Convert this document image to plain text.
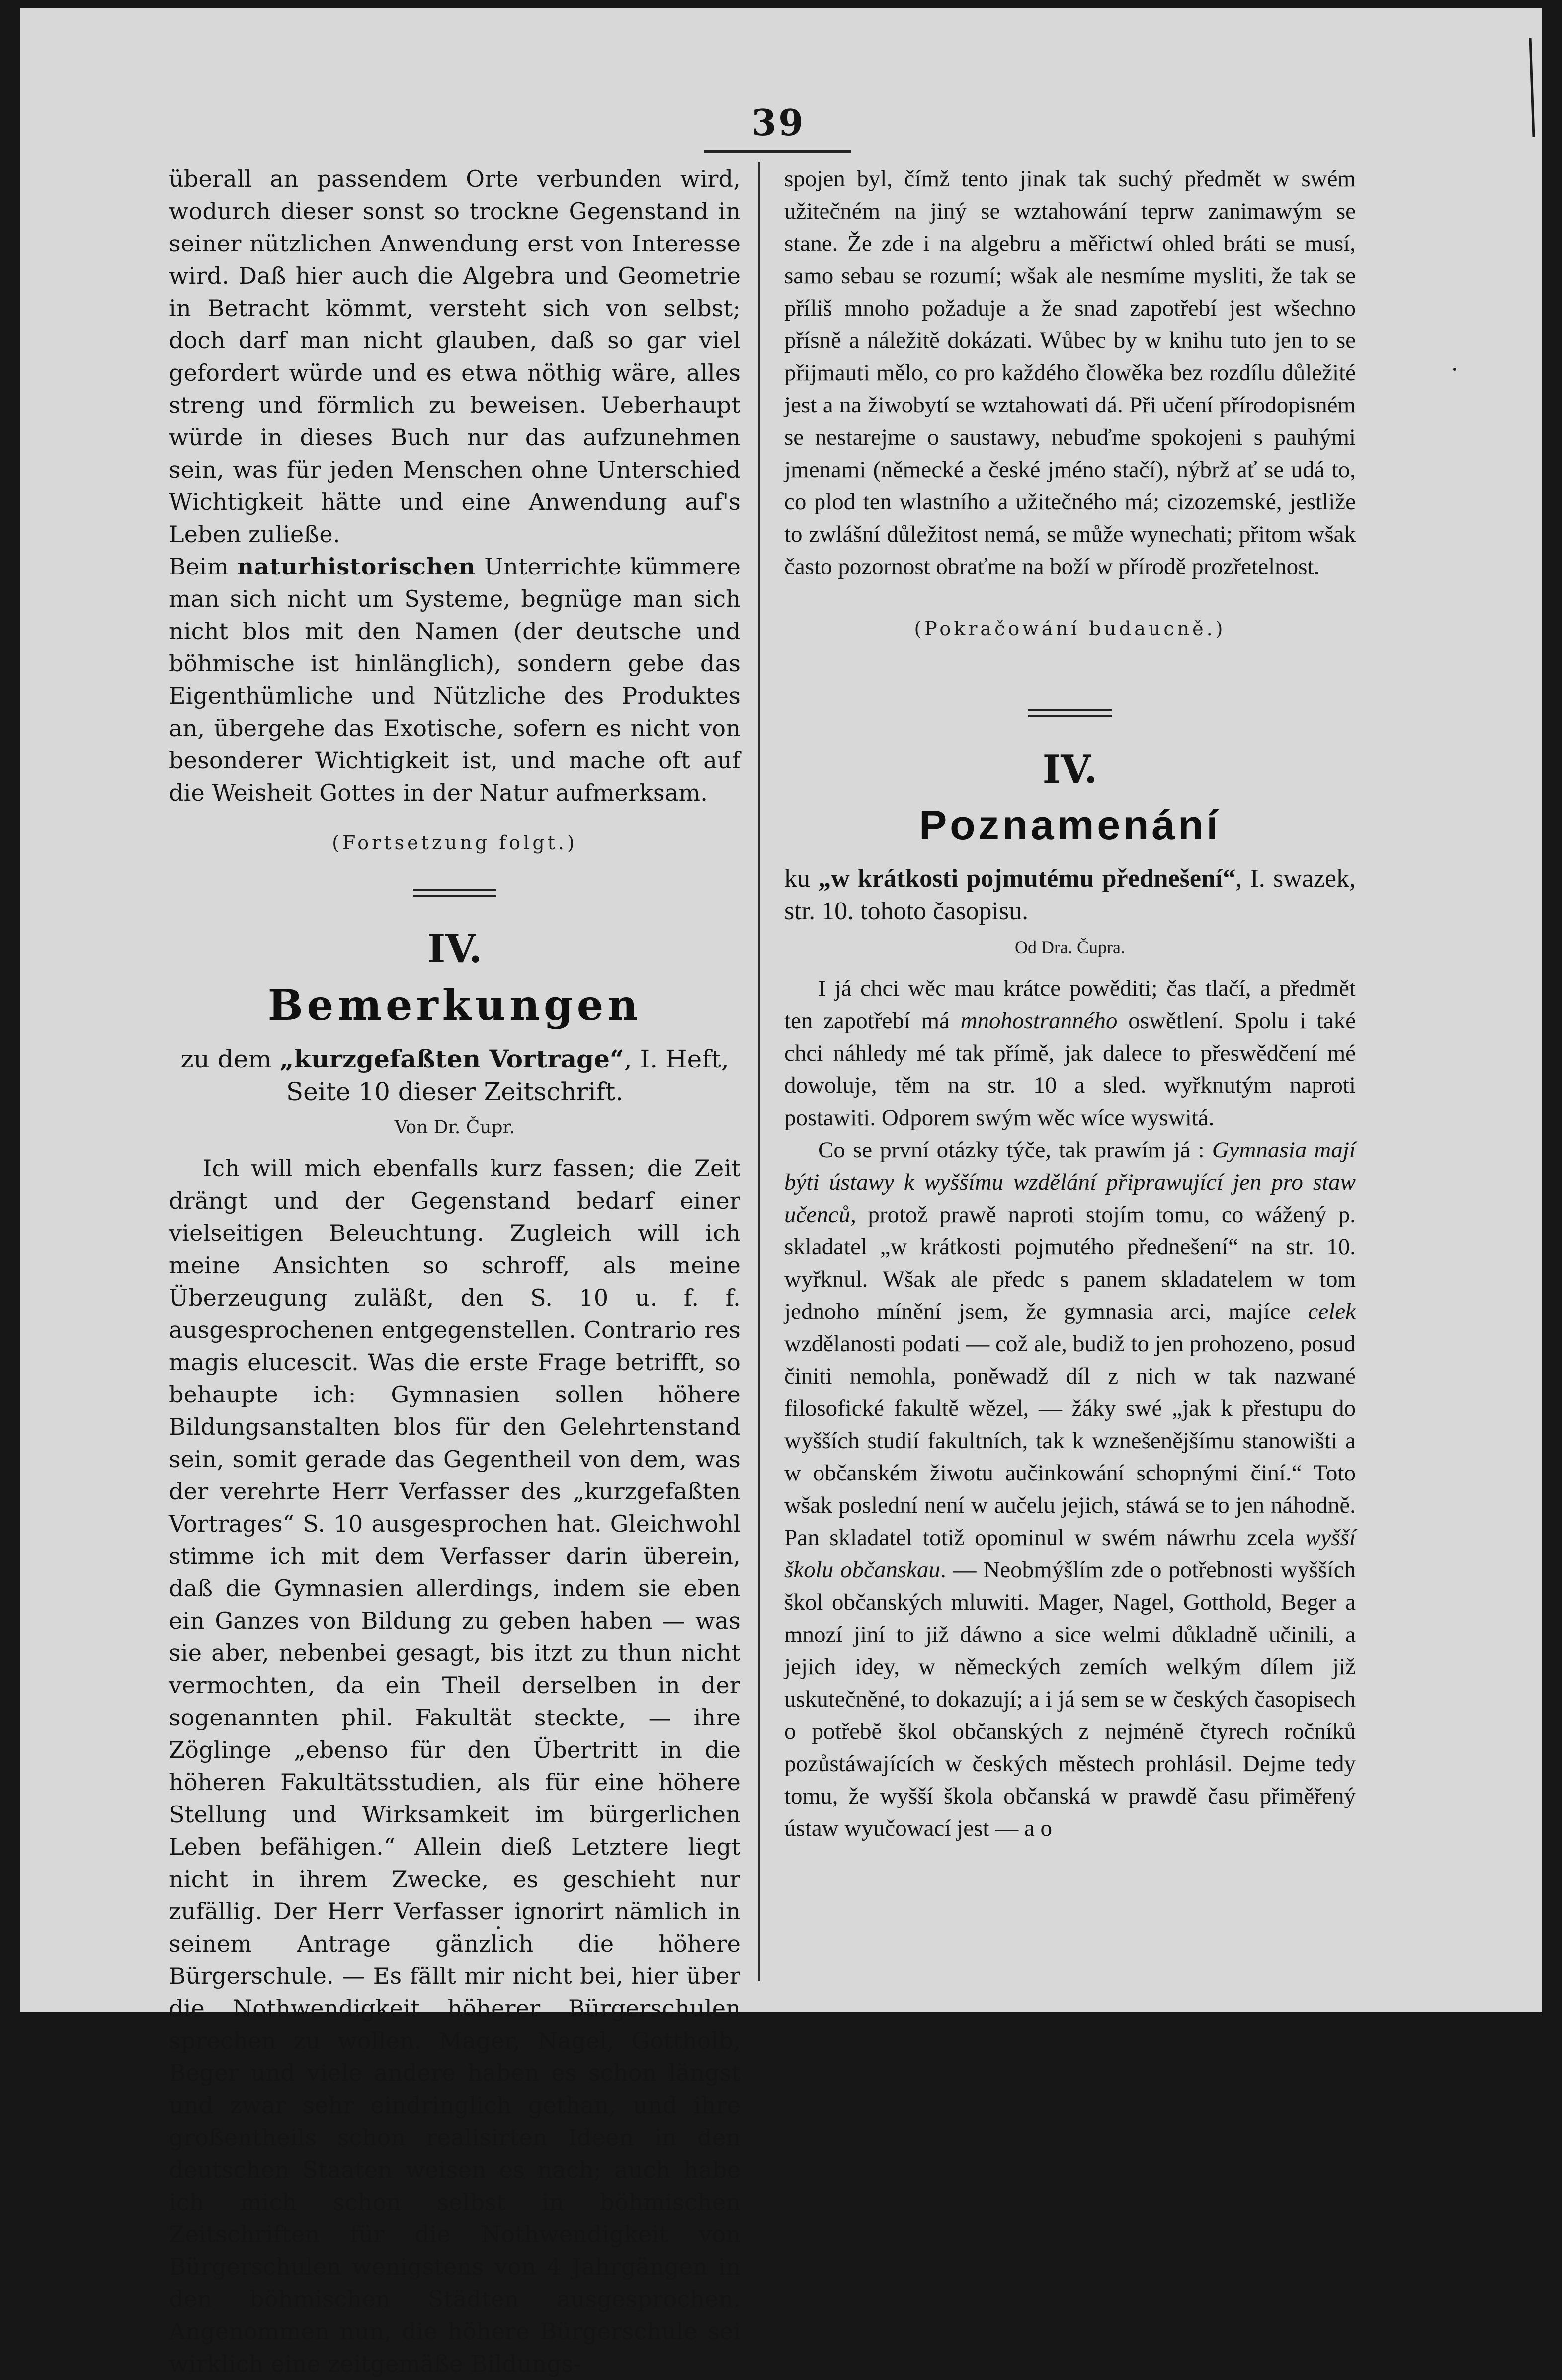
39

überall an passendem Orte verbunden wird, wodurch dieser sonst so trockne Gegenstand in seiner nützlichen Anwendung erst von Interesse wird. Daß hier auch die Algebra und Geometrie in Betracht kömmt, versteht sich von selbst; doch darf man nicht glauben, daß so gar viel gefordert würde und es etwa nöthig wäre, alles streng und förmlich zu beweisen. Ueberhaupt würde in dieses Buch nur das aufzunehmen sein, was für jeden Menschen ohne Unterschied Wichtigkeit hätte und eine Anwendung auf's Leben zuließe.

Beim naturhistorischen Unterrichte kümmere man sich nicht um Systeme, begnüge man sich nicht blos mit den Namen (der deutsche und böhmische ist hinlänglich), sondern gebe das Eigenthümliche und Nützliche des Produktes an, übergehe das Exotische, sofern es nicht von besonderer Wichtigkeit ist, und mache oft auf die Weisheit Gottes in der Natur aufmerksam.

(Fortsetzung folgt.)

IV.
Bemerkungen
zu dem „kurzgefaßten Vortrage“, I. Heft, Seite 10 dieser Zeitschrift.
Von Dr. Čupr.

Ich will mich ebenfalls kurz fassen; die Zeit drängt und der Gegenstand bedarf einer vielseitigen Beleuchtung. Zugleich will ich meine Ansichten so schroff, als meine Überzeugung zuläßt, den S. 10 u. f. f. ausgesprochenen entgegenstellen. Contrario res magis elucescit. Was die erste Frage betrifft, so behaupte ich: Gymnasien sollen höhere Bildungsanstalten blos für den Gelehrtenstand sein, somit gerade das Gegentheil von dem, was der verehrte Herr Verfasser des „kurzgefaßten Vortrages“ S. 10 ausgesprochen hat. Gleichwohl stimme ich mit dem Verfasser darin überein, daß die Gymnasien allerdings, indem sie eben ein Ganzes von Bildung zu geben haben — was sie aber, nebenbei gesagt, bis itzt zu thun nicht vermochten, da ein Theil derselben in der sogenannten phil. Fakultät steckte, — ihre Zöglinge „ebenso für den Übertritt in die höheren Fakultätsstudien, als für eine höhere Stellung und Wirksamkeit im bürgerlichen Leben befähigen.“ Allein dieß Letztere liegt nicht in ihrem Zwecke, es geschieht nur zufällig. Der Herr Verfasser ignorirt nämlich in seinem Antrage gänzlich die höhere Bürgerschule. — Es fällt mir nicht bei, hier über die Nothwendigkeit höherer Bürgerschulen sprechen zu wollen. Mager, Nagel, Gottholb, Beger und viele andere haben es schon längst und zwar sehr eindringlich gethan, und ihre großentheils schon realisirten Ideen in den deutschen Staaten weisen es nach; auch habe ich mich schon selbst in böhmischen Zeitschriften für die Nothwendigkeit von Bürgerschulen wenigstens von 4 Jahrgängen in den böhmischen Städten ausgesprochen. Angenommen nun, die höhere Bürgerschule sei wirklich eine zeitgemäße Bildungs-

spojen byl, čímž tento jinak tak suchý předmět w swém užitečném na jiný se wztahowání teprw zanimawým se stane. Že zde i na algebru a měřictwí ohled bráti se musí, samo sebau se rozumí; wšak ale nesmíme mysliti, že tak se příliš mnoho požaduje a že snad zapotřebí jest wšechno přísně a náležitě dokázati. Wůbec by w knihu tuto jen to se přijmauti mělo, co pro každého člowěka bez rozdílu důležité jest a na žiwobytí se wztahowati dá. Při učení přírodopisném se nestarejme o saustawy, nebuďme spokojeni s pauhými jmenami (německé a české jméno stačí), nýbrž ať se udá to, co plod ten wlastního a užitečného má; cizozemské, jestliže to zwlášní důležitost nemá, se může wynechati; přitom wšak často pozornost obraťme na boží w přírodě prozřetelnost.

(Pokračowání budaucně.)

IV.
Poznamenání
ku „w krátkosti pojmutému přednešení“, I. swazek, str. 10. tohoto časopisu.
Od Dra. Čupra.

I já chci wěc mau krátce powěditi; čas tlačí, a předmět ten zapotřebí má mnohostranného oswětlení. Spolu i také chci náhledy mé tak přímě, jak dalece to přeswědčení mé dowoluje, těm na str. 10 a sled. wyřknutým naproti postawiti. Odporem swým wěc wíce wyswitá.

Co se první otázky týče, tak prawím já : Gymnasia mají býti ústawy k wyššímu wzdělání připrawující jen pro staw učenců, protož prawě naproti stojím tomu, co wážený p. skladatel „w krátkosti pojmutého přednešení“ na str. 10. wyřknul. Wšak ale předc s panem skladatelem w tom jednoho mínění jsem, že gymnasia arci, majíce celek wzdělanosti podati — což ale, budiž to jen prohozeno, posud činiti nemohla, poněwadž díl z nich w tak nazwané filosofické fakultě wězel, — žáky swé „jak k přestupu do wyšších studií fakultních, tak k wznešenějšímu stanowišti a w občanském žiwotu aučinkowání schopnými činí.“ Toto wšak poslední není w aučelu jejich, stáwá se to jen náhodně. Pan skladatel totiž opominul w swém náwrhu zcela wyšší školu občanskau. — Neobmýšlím zde o potřebnosti wyšších škol občanských mluwiti. Mager, Nagel, Gotthold, Beger a mnozí jiní to již dáwno a sice welmi důkladně učinili, a jejich idey, w německých zemích welkým dílem již uskutečněné, to dokazují; a i já sem se w českých časopisech o potřebě škol občanských z nejméně čtyrech ročníků pozůstáwajících w českých městech prohlásil. Dejme tedy tomu, že wyšší škola občanská w prawdě času přiměřený ústaw wyučowací jest — a o
